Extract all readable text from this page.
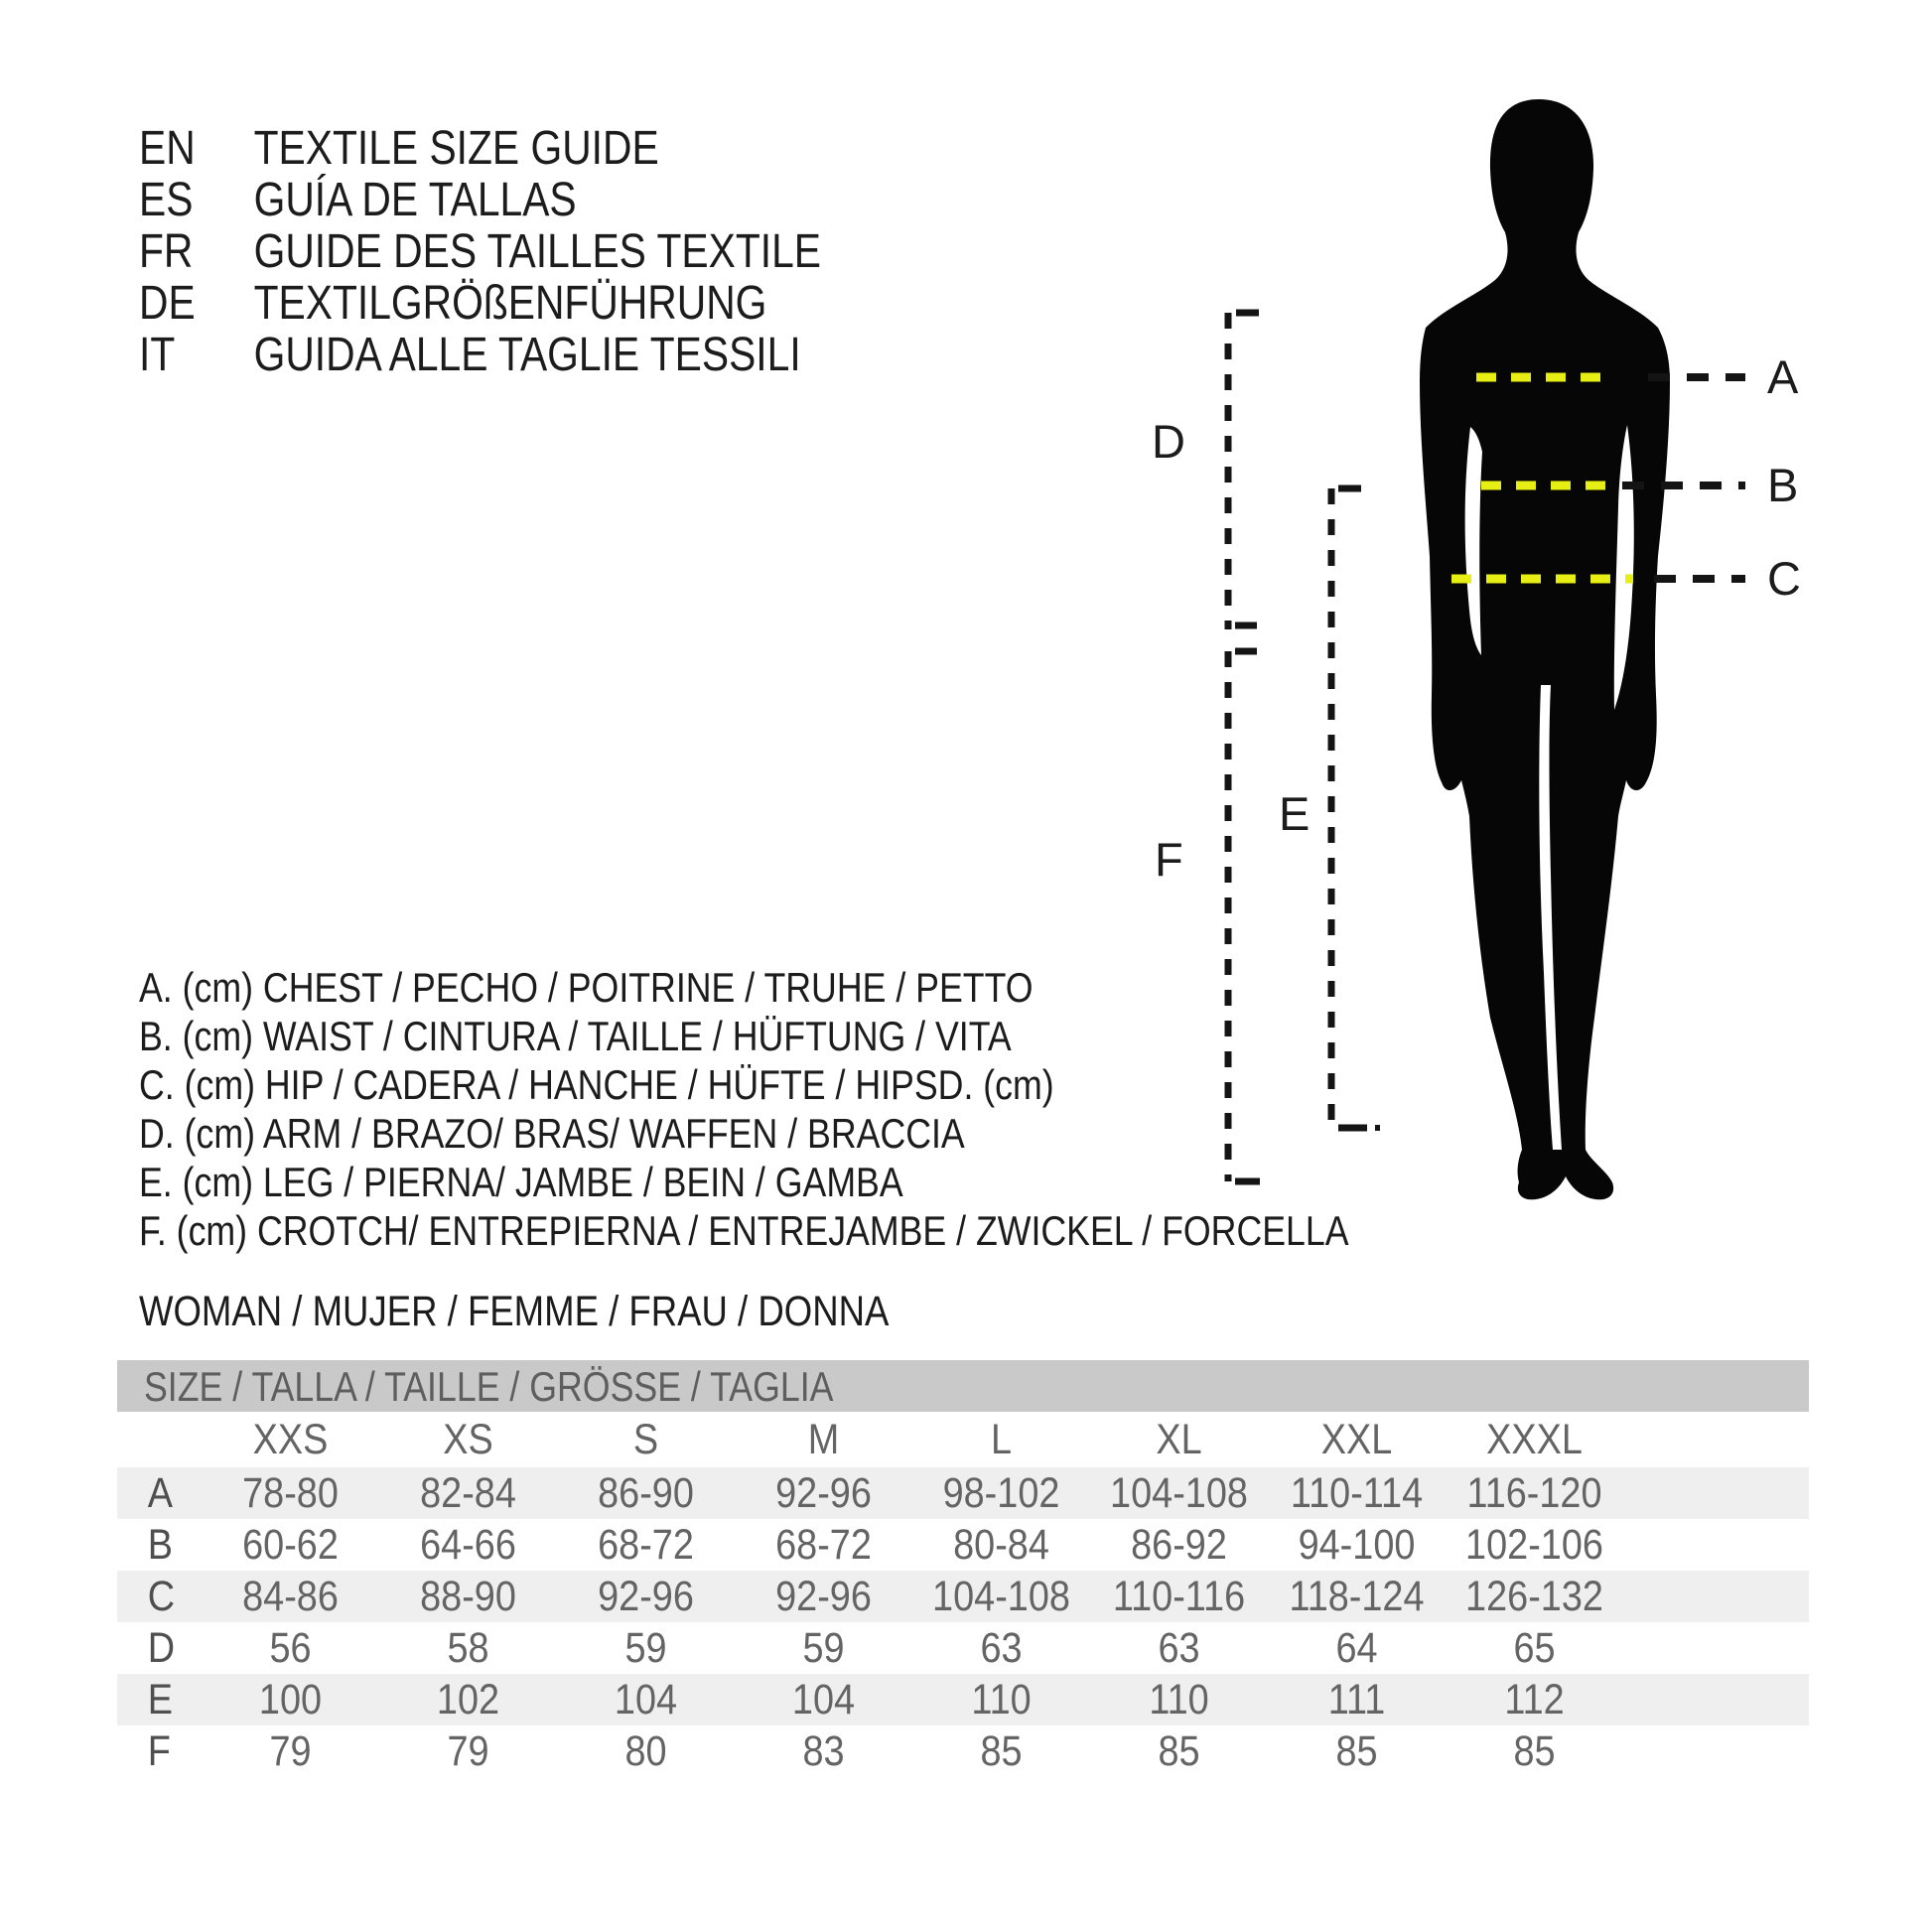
EN	TEXTILE SIZE GUIDE
ES	GUÍA DE TALLAS
FR	GUIDE DES TAILLES TEXTILE
DE	TEXTILGRÖßENFÜHRUNG
IT	GUIDA ALLE TAGLIE TESSILI
A. (cm) CHEST / PECHO / POITRINE / TRUHE / PETTO
B. (cm) WAIST / CINTURA / TAILLE / HÜFTUNG / VITA
C. (cm) HIP / CADERA / HANCHE / HÜFTE / HIPSD. (cm)
D. (cm) ARM / BRAZO/ BRAS/ WAFFEN / BRACCIA
E. (cm) LEG / PIERNA/ JAMBE / BEIN / GAMBA
F. (cm) CROTCH/ ENTREPIERNA / ENTREJAMBE / ZWICKEL / FORCELLA
WOMAN / MUJER / FEMME / FRAU / DONNA
SIZE / TALLA / TAILLE / GRÖSSE / TAGLIA
XXS	XS	S	M	L	XL	XXL	XXXL
A	78-80	82-84	86-90	92-96	98-102	104-108 110-114 116-120
B	60-62	64-66	68-72	68-72	80-84	86-92	94-100	102-106
C	84-86	88-90	92-96	92-96	104-108 110-116 118-124 126-132
D	56	58	59	59	63	63	64	65
E	100	102	104	104	110	110	111	112
F	79	79	80	83	85	85	85	85
A
B
C
D
F
E
